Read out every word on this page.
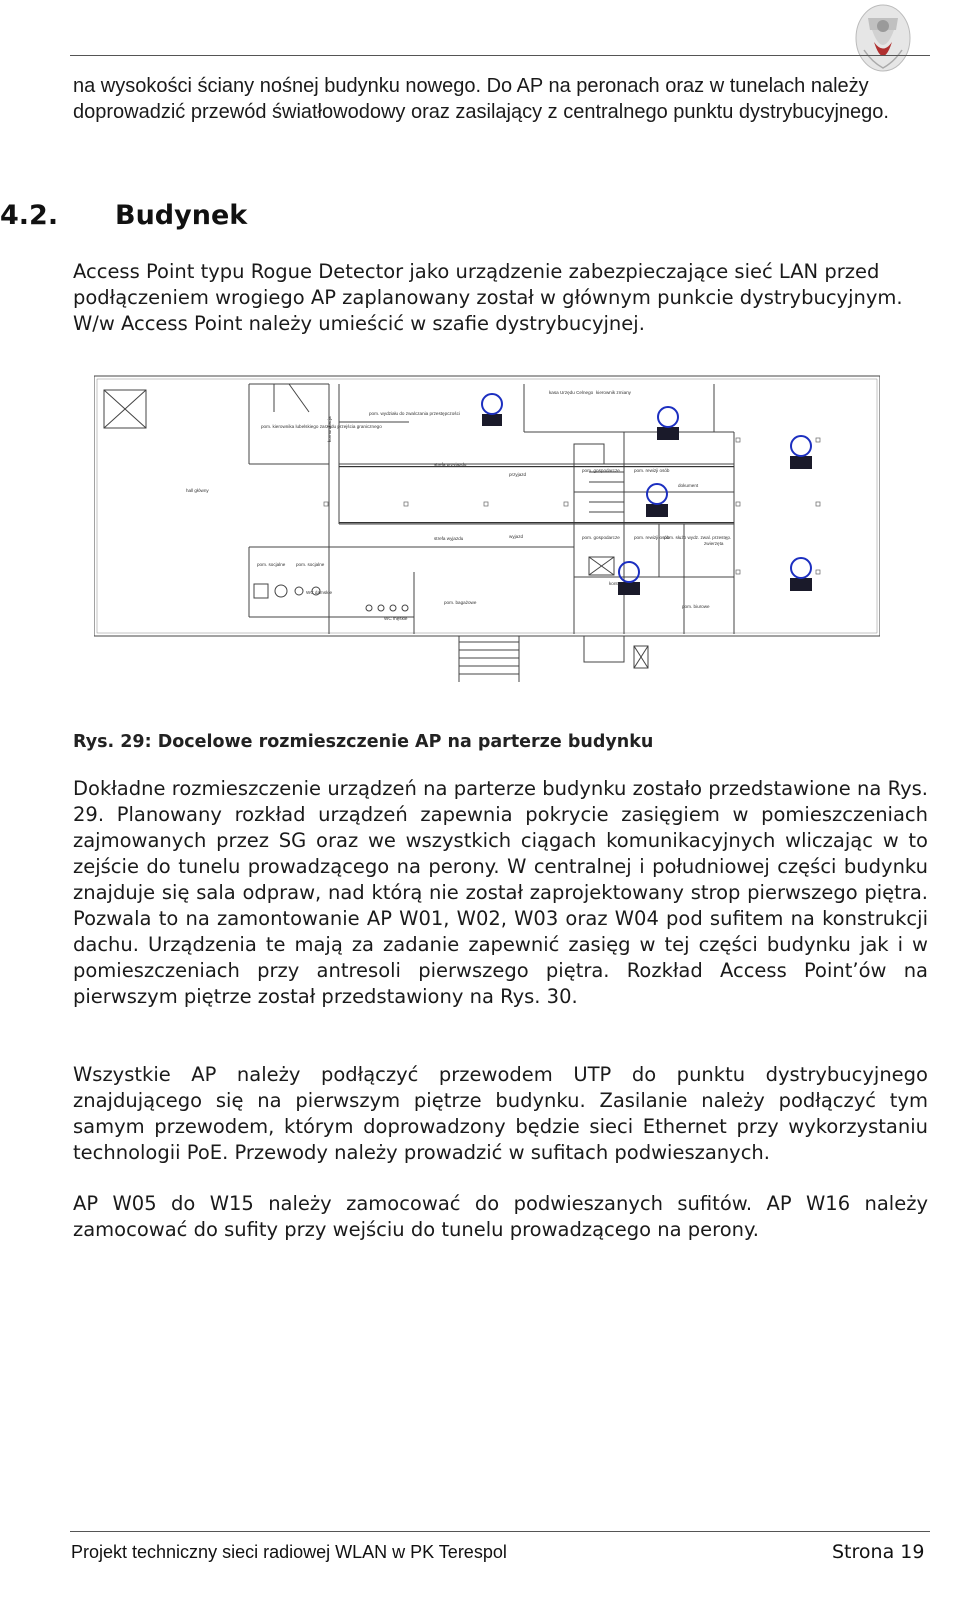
na wysokości ściany nośnej budynku nowego. Do AP na peronach oraz w tunelach należy doprowadzić przewód światłowodowy oraz zasilający z centralnego punktu dystrybucyjnego.
4.2. Budynek
Access Point typu Rogue Detector jako urządzenie zabezpieczające sieć LAN przed podłączeniem wrogiego AP zaplanowany został w głównym punkcie dystrybucyjnym. W/w Access Point należy umieścić w szafie dystrybucyjnej.
hall główny
pom. kierownika lubelskiego zarządu przejścia granicznego
pom. wydziału do zwalczania przestępczości
kasa Urzędu Celnego kierownik zmiany
strefa przyjazdu
przyjazd
pom. gospodarcze	pom. rewizji osób
dokument
strefa wyjazdu	wyjazd	pom. gospodarcze	pom. rewizji osób
pom. służb wydz. zwal. przestęp.
zwierzęta
pom. socjalne pom. socjalne
WC damskie
WC męskie
pom. bagażowe
pom. biurowe
kontr.
komunikacja
Rys. 29: Docelowe rozmieszczenie AP na parterze budynku
Dokładne rozmieszczenie urządzeń na parterze budynku zostało przedstawione na Rys. 29. Planowany rozkład urządzeń zapewnia pokrycie zasięgiem w pomieszczeniach zajmowanych przez SG oraz we wszystkich ciągach komunikacyjnych wliczając w to zejście do tunelu prowadzącego na perony. W centralnej i południowej części budynku znajduje się sala odpraw, nad którą nie został zaprojektowany strop pierwszego piętra. Pozwala to na zamontowanie AP W01, W02, W03 oraz W04 pod sufitem na konstrukcji dachu. Urządzenia te mają za zadanie zapewnić zasięg w tej części budynku jak i w pomieszczeniach przy antresoli pierwszego piętra. Rozkład Access Point’ów na pierwszym piętrze został przedstawiony na Rys. 30.
Wszystkie AP należy podłączyć przewodem UTP do punktu dystrybucyjnego znajdującego się na pierwszym piętrze budynku. Zasilanie należy podłączyć tym samym przewodem, którym doprowadzony będzie sieci Ethernet przy wykorzystaniu technologii PoE. Przewody należy prowadzić w sufitach podwieszanych.
AP W05 do W15 należy zamocować do podwieszanych sufitów. AP W16 należy zamocować do sufity przy wejściu do tunelu prowadzącego na perony.
Projekt techniczny sieci radiowej WLAN w PK Terespol	Strona 19
